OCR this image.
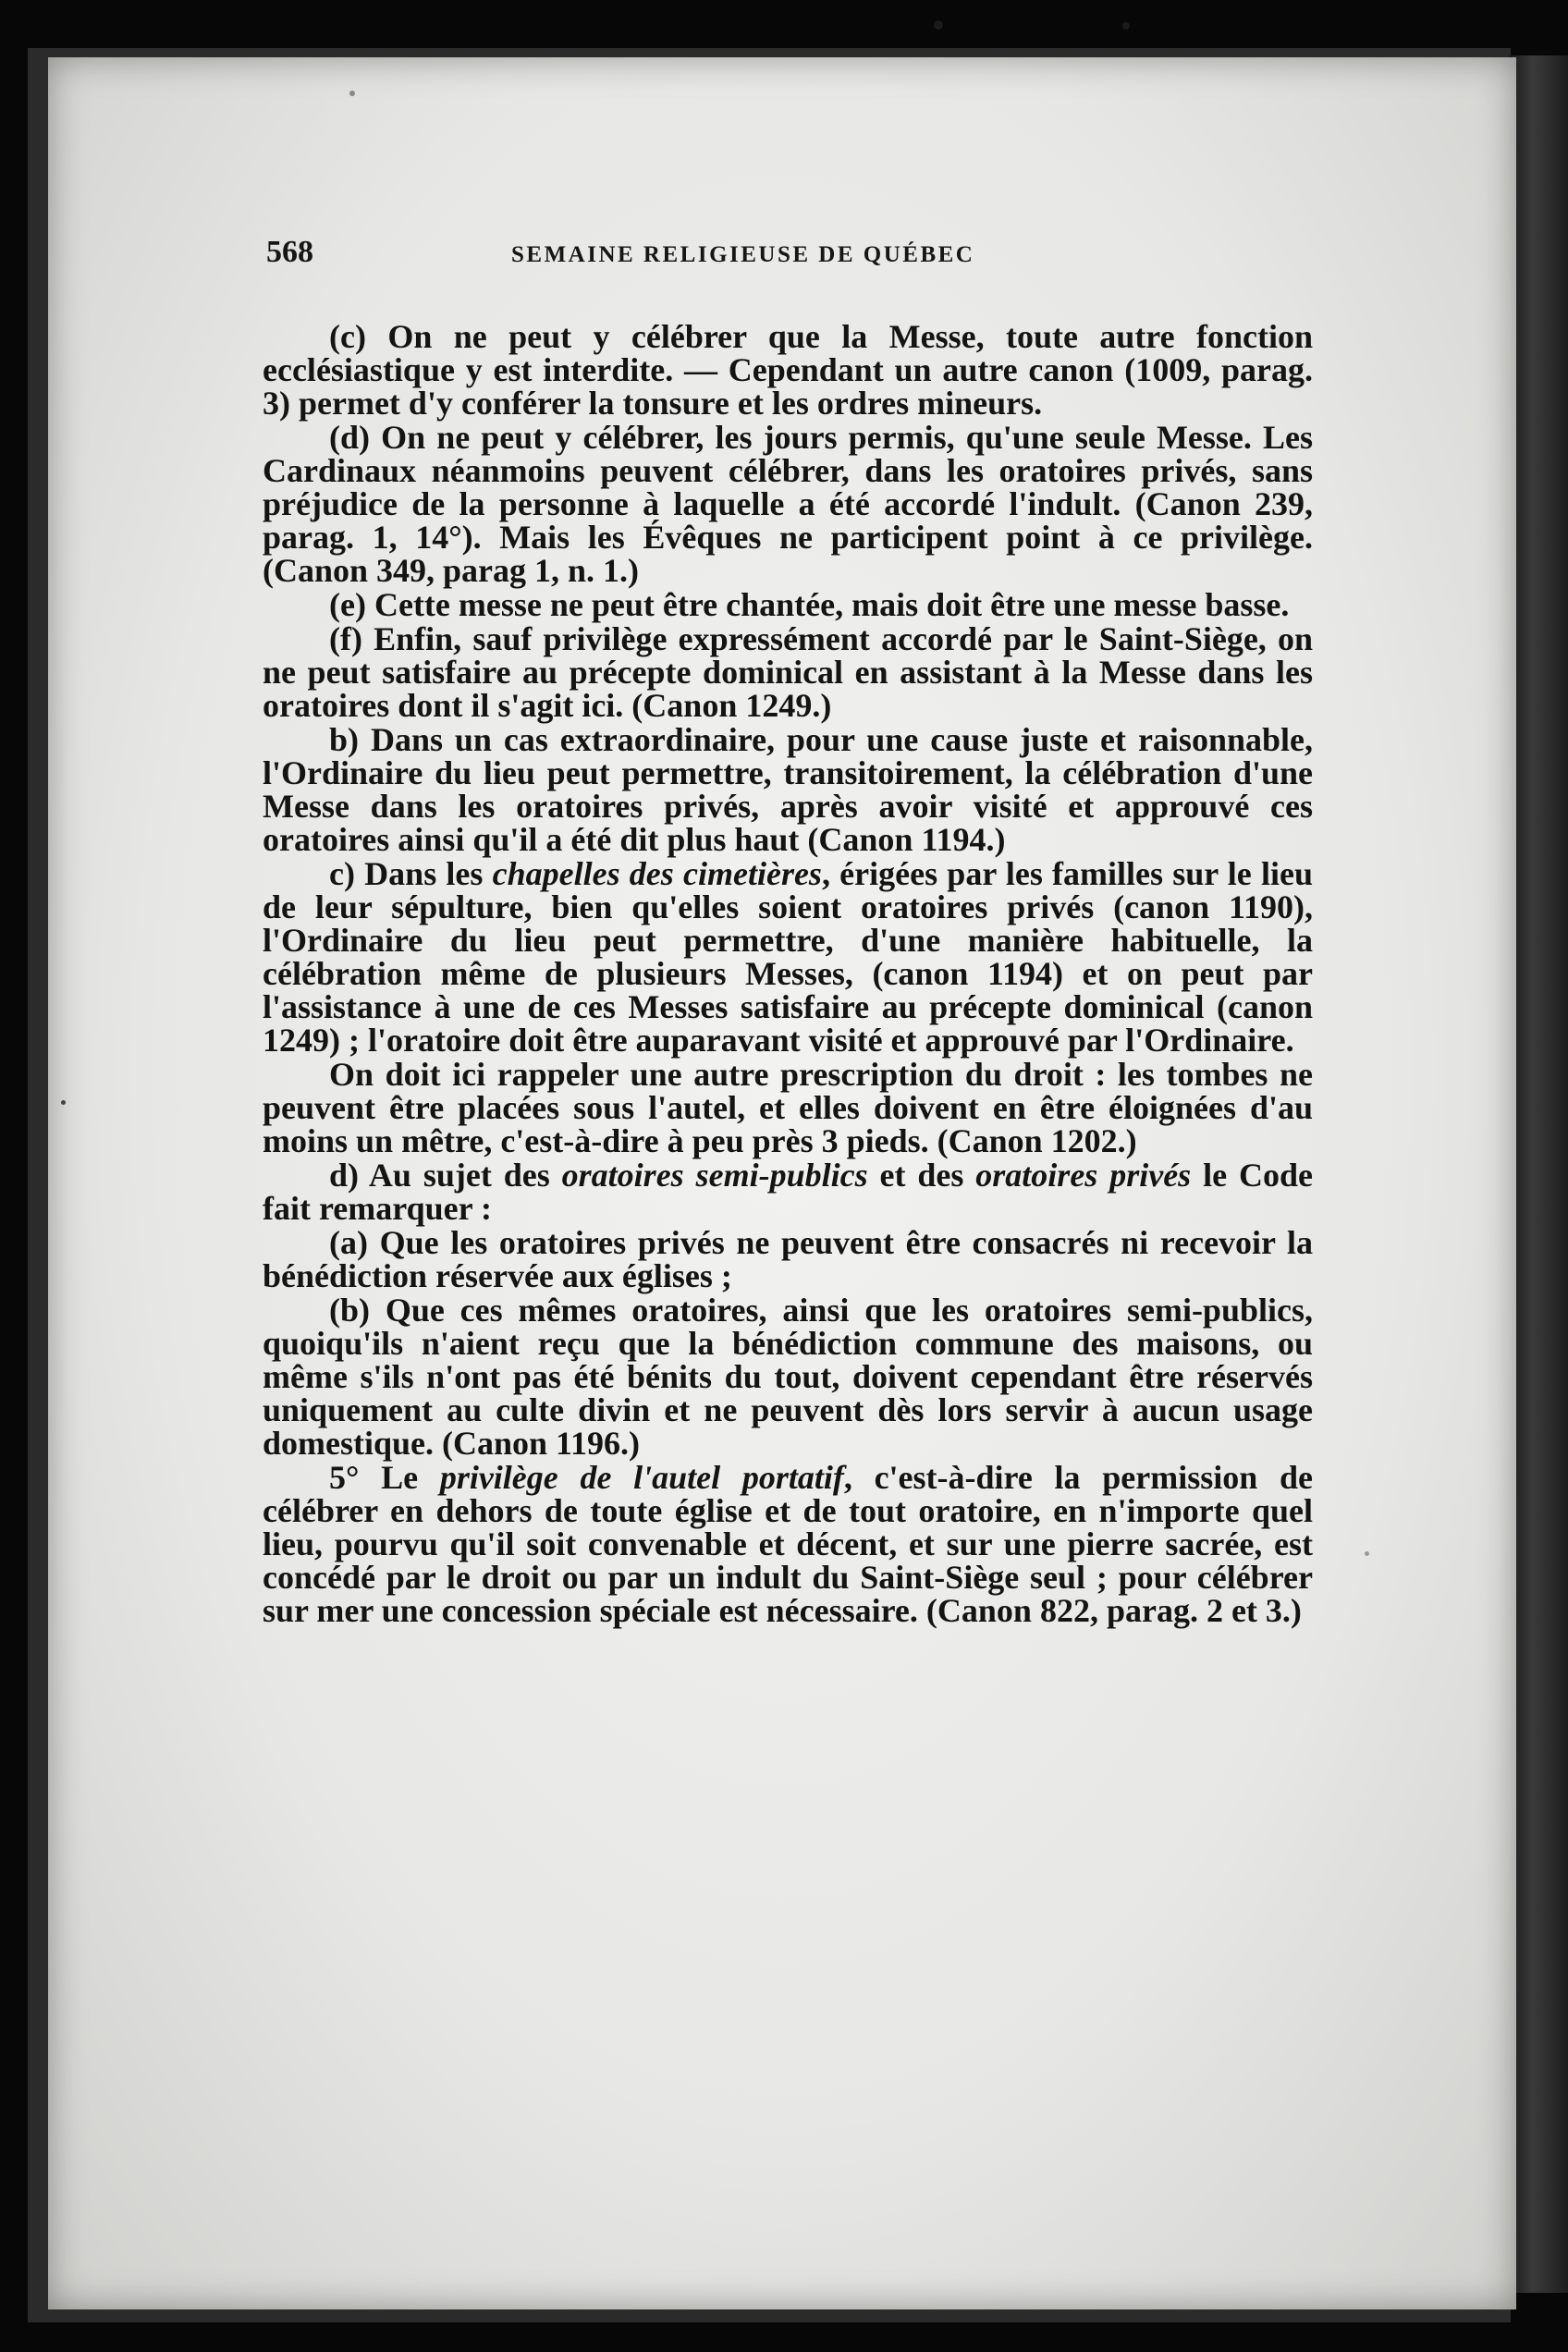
568	SEMAINE RELIGIEUSE DE QUÉBEC

(c) On ne peut y célébrer que la Messe, toute autre fonction ecclésiastique y est interdite. — Cependant un autre canon (1009, parag. 3) permet d'y conférer la tonsure et les ordres mineurs.

(d) On ne peut y célébrer, les jours permis, qu'une seule Messe. Les Cardinaux néanmoins peuvent célébrer, dans les oratoires privés, sans préjudice de la personne à laquelle a été accordé l'indult. (Canon 239, parag. 1, 14°). Mais les Évêques ne participent point à ce privilège. (Canon 349, parag 1, n. 1.)

(e) Cette messe ne peut être chantée, mais doit être une messe basse.

(f) Enfin, sauf privilège expressément accordé par le Saint-Siège, on ne peut satisfaire au précepte dominical en assistant à la Messe dans les oratoires dont il s'agit ici. (Canon 1249.)

b) Dans un cas extraordinaire, pour une cause juste et raisonnable, l'Ordinaire du lieu peut permettre, transitoirement, la célébration d'une Messe dans les oratoires privés, après avoir visité et approuvé ces oratoires ainsi qu'il a été dit plus haut (Canon 1194.)

c) Dans les chapelles des cimetières, érigées par les familles sur le lieu de leur sépulture, bien qu'elles soient oratoires privés (canon 1190), l'Ordinaire du lieu peut permettre, d'une manière habituelle, la célébration même de plusieurs Messes, (canon 1194) et on peut par l'assistance à une de ces Messes satisfaire au précepte dominical (canon 1249) ; l'oratoire doit être auparavant visité et approuvé par l'Ordinaire.

On doit ici rappeler une autre prescription du droit : les tombes ne peuvent être placées sous l'autel, et elles doivent en être éloignées d'au moins un mêtre, c'est-à-dire à peu près 3 pieds. (Canon 1202.)

d) Au sujet des oratoires semi-publics et des oratoires privés le Code fait remarquer :

(a) Que les oratoires privés ne peuvent être consacrés ni recevoir la bénédiction réservée aux églises ;

(b) Que ces mêmes oratoires, ainsi que les oratoires semi-publics, quoiqu'ils n'aient reçu que la bénédiction commune des maisons, ou même s'ils n'ont pas été bénits du tout, doivent cependant être réservés uniquement au culte divin et ne peuvent dès lors servir à aucun usage domestique. (Canon 1196.)

5° Le privilège de l'autel portatif, c'est-à-dire la permission de célébrer en dehors de toute église et de tout oratoire, en n'importe quel lieu, pourvu qu'il soit convenable et décent, et sur une pierre sacrée, est concédé par le droit ou par un indult du Saint-Siège seul ; pour célébrer sur mer une concession spéciale est nécessaire. (Canon 822, parag. 2 et 3.)
